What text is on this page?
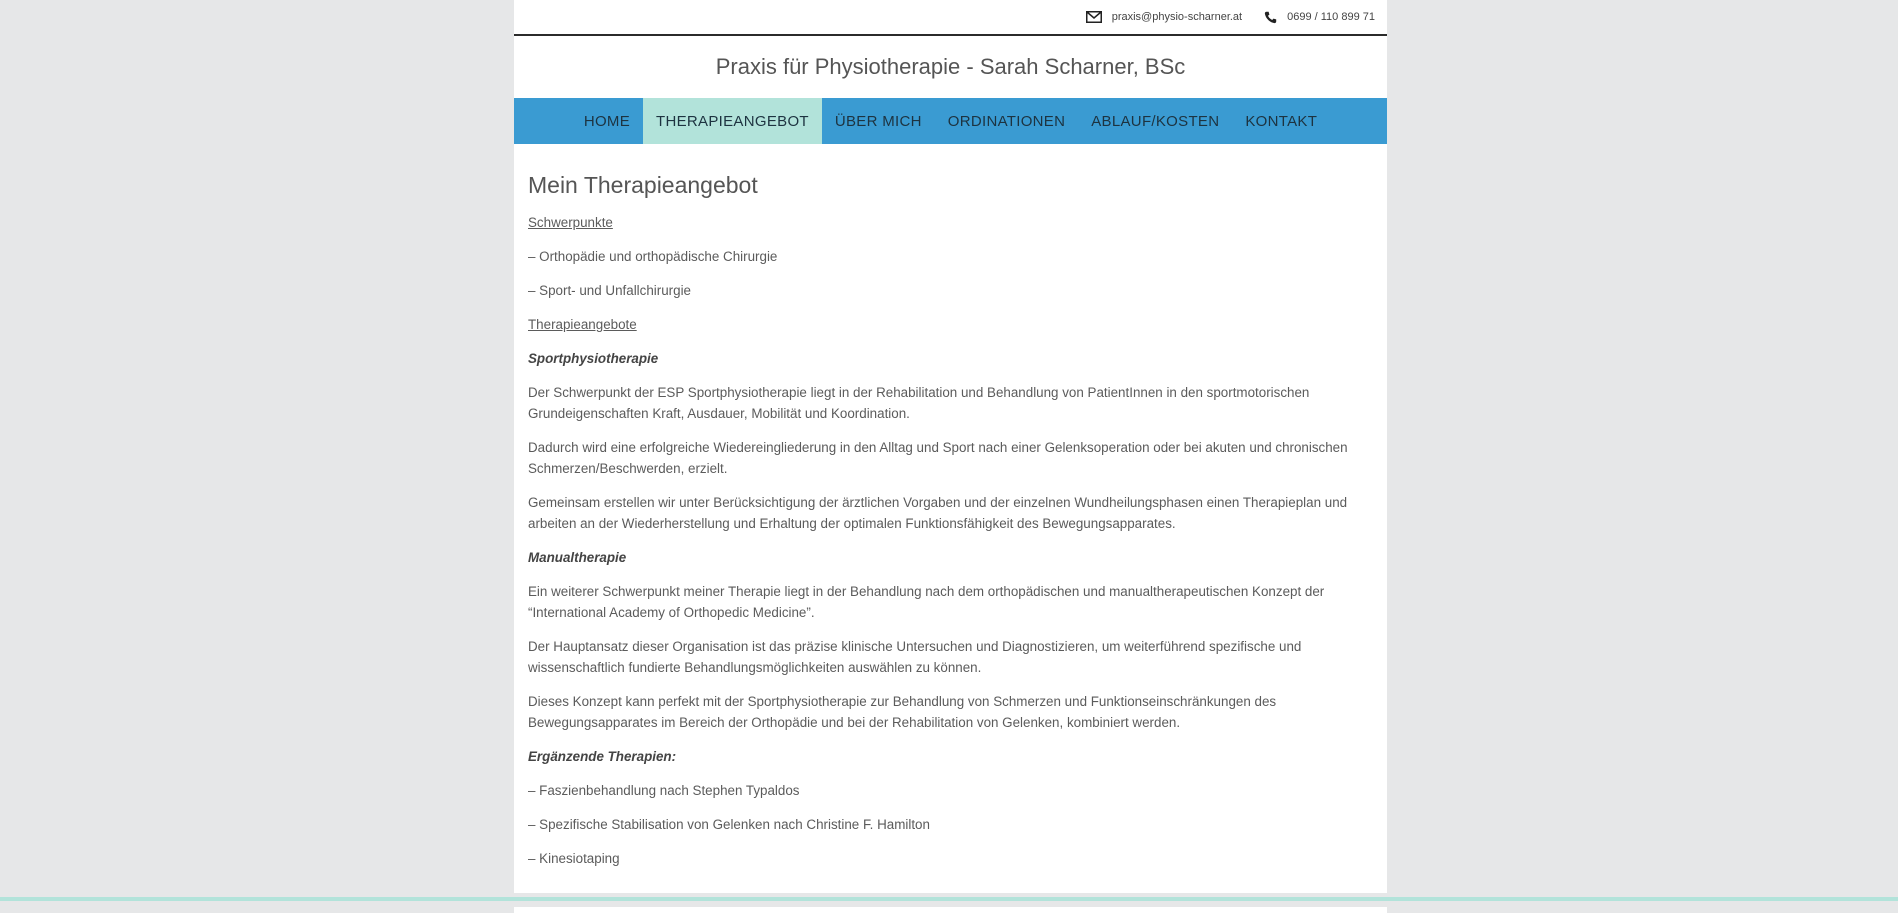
praxis@physio-scharner.at	0699 / 110 899 71
Praxis für Physiotherapie - Sarah Scharner, BSc
HOME	THERAPIEANGEBOT	ÜBER MICH	ORDINATIONEN	ABLAUF/KOSTEN	KONTAKT
Mein Therapieangebot

Schwerpunkte

– Orthopädie und orthopädische Chirurgie

– Sport- und Unfallchirurgie

Therapieangebote

Sportphysiotherapie

Der Schwerpunkt der ESP Sportphysiotherapie liegt in der Rehabilitation und Behandlung von PatientInnen in den sportmotorischen Grundeigenschaften Kraft, Ausdauer, Mobilität und Koordination.

Dadurch wird eine erfolgreiche Wiedereingliederung in den Alltag und Sport nach einer Gelenksoperation oder bei akuten und chronischen Schmerzen/Beschwerden, erzielt.

Gemeinsam erstellen wir unter Berücksichtigung der ärztlichen Vorgaben und der einzelnen Wundheilungsphasen einen Therapieplan und arbeiten an der Wiederherstellung und Erhaltung der optimalen Funktionsfähigkeit des Bewegungsapparates.

Manualtherapie

Ein weiterer Schwerpunkt meiner Therapie liegt in der Behandlung nach dem orthopädischen und manualtherapeutischen Konzept der “International Academy of Orthopedic Medicine”.

Der Hauptansatz dieser Organisation ist das präzise klinische Untersuchen und Diagnostizieren, um weiterführend spezifische und wissenschaftlich fundierte Behandlungsmöglichkeiten auswählen zu können.

Dieses Konzept kann perfekt mit der Sportphysiotherapie zur Behandlung von Schmerzen und Funktionseinschränkungen des Bewegungsapparates im Bereich der Orthopädie und bei der Rehabilitation von Gelenken, kombiniert werden.

Ergänzende Therapien:

– Faszienbehandlung nach Stephen Typaldos

– Spezifische Stabilisation von Gelenken nach Christine F. Hamilton

– Kinesiotaping
